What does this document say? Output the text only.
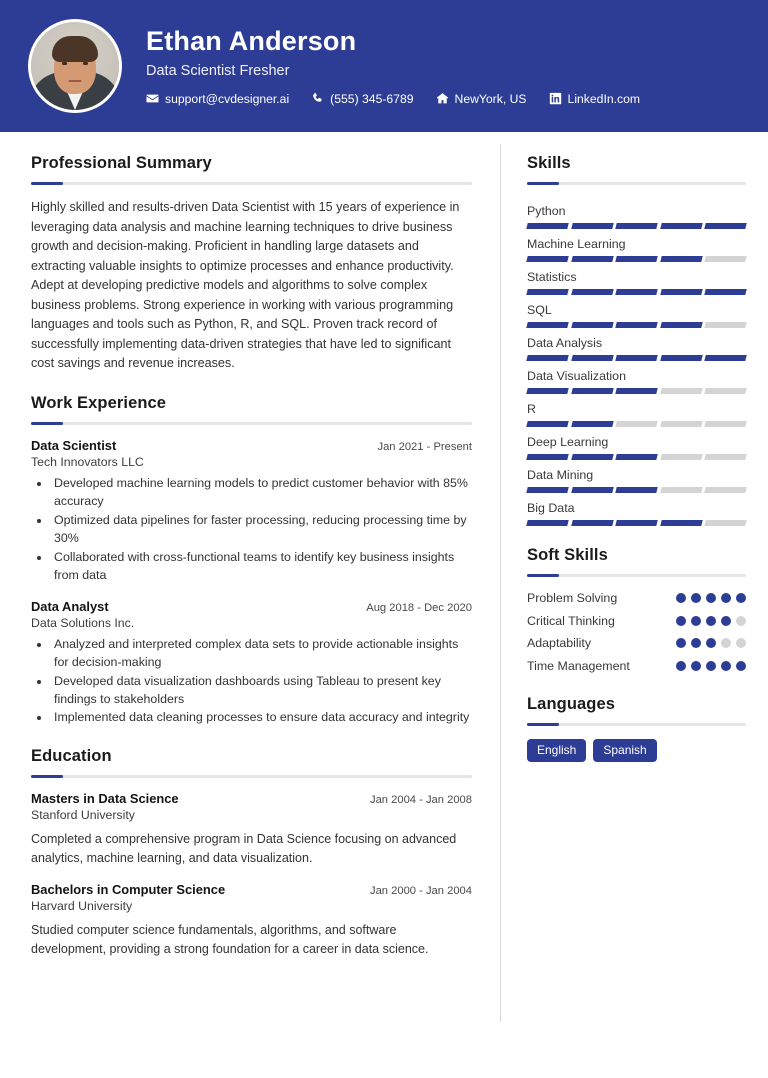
Ethan Anderson
Data Scientist Fresher
support@cvdesigner.ai	(555) 345-6789	NewYork, US	LinkedIn.com
Professional Summary
Highly skilled and results-driven Data Scientist with 15 years of experience in leveraging data analysis and machine learning techniques to drive business growth and decision-making. Proficient in handling large datasets and extracting valuable insights to optimize processes and enhance productivity. Adept at developing predictive models and algorithms to solve complex business problems. Strong experience in working with various programming languages and tools such as Python, R, and SQL. Proven track record of successfully implementing data-driven strategies that have led to significant cost savings and revenue increases.
Work Experience
Data Scientist	Jan 2021 - Present
Tech Innovators LLC
• Developed machine learning models to predict customer behavior with 85% accuracy
• Optimized data pipelines for faster processing, reducing processing time by 30%
• Collaborated with cross-functional teams to identify key business insights from data
Data Analyst	Aug 2018 - Dec 2020
Data Solutions Inc.
• Analyzed and interpreted complex data sets to provide actionable insights for decision-making
• Developed data visualization dashboards using Tableau to present key findings to stakeholders
• Implemented data cleaning processes to ensure data accuracy and integrity
Education
Masters in Data Science	Jan 2004 - Jan 2008
Stanford University
Completed a comprehensive program in Data Science focusing on advanced analytics, machine learning, and data visualization.
Bachelors in Computer Science	Jan 2000 - Jan 2004
Harvard University
Studied computer science fundamentals, algorithms, and software development, providing a strong foundation for a career in data science.
Skills
Python
Machine Learning
Statistics
SQL
Data Analysis
Data Visualization
R
Deep Learning
Data Mining
Big Data
Soft Skills
Problem Solving
Critical Thinking
Adaptability
Time Management
Languages
English	Spanish
